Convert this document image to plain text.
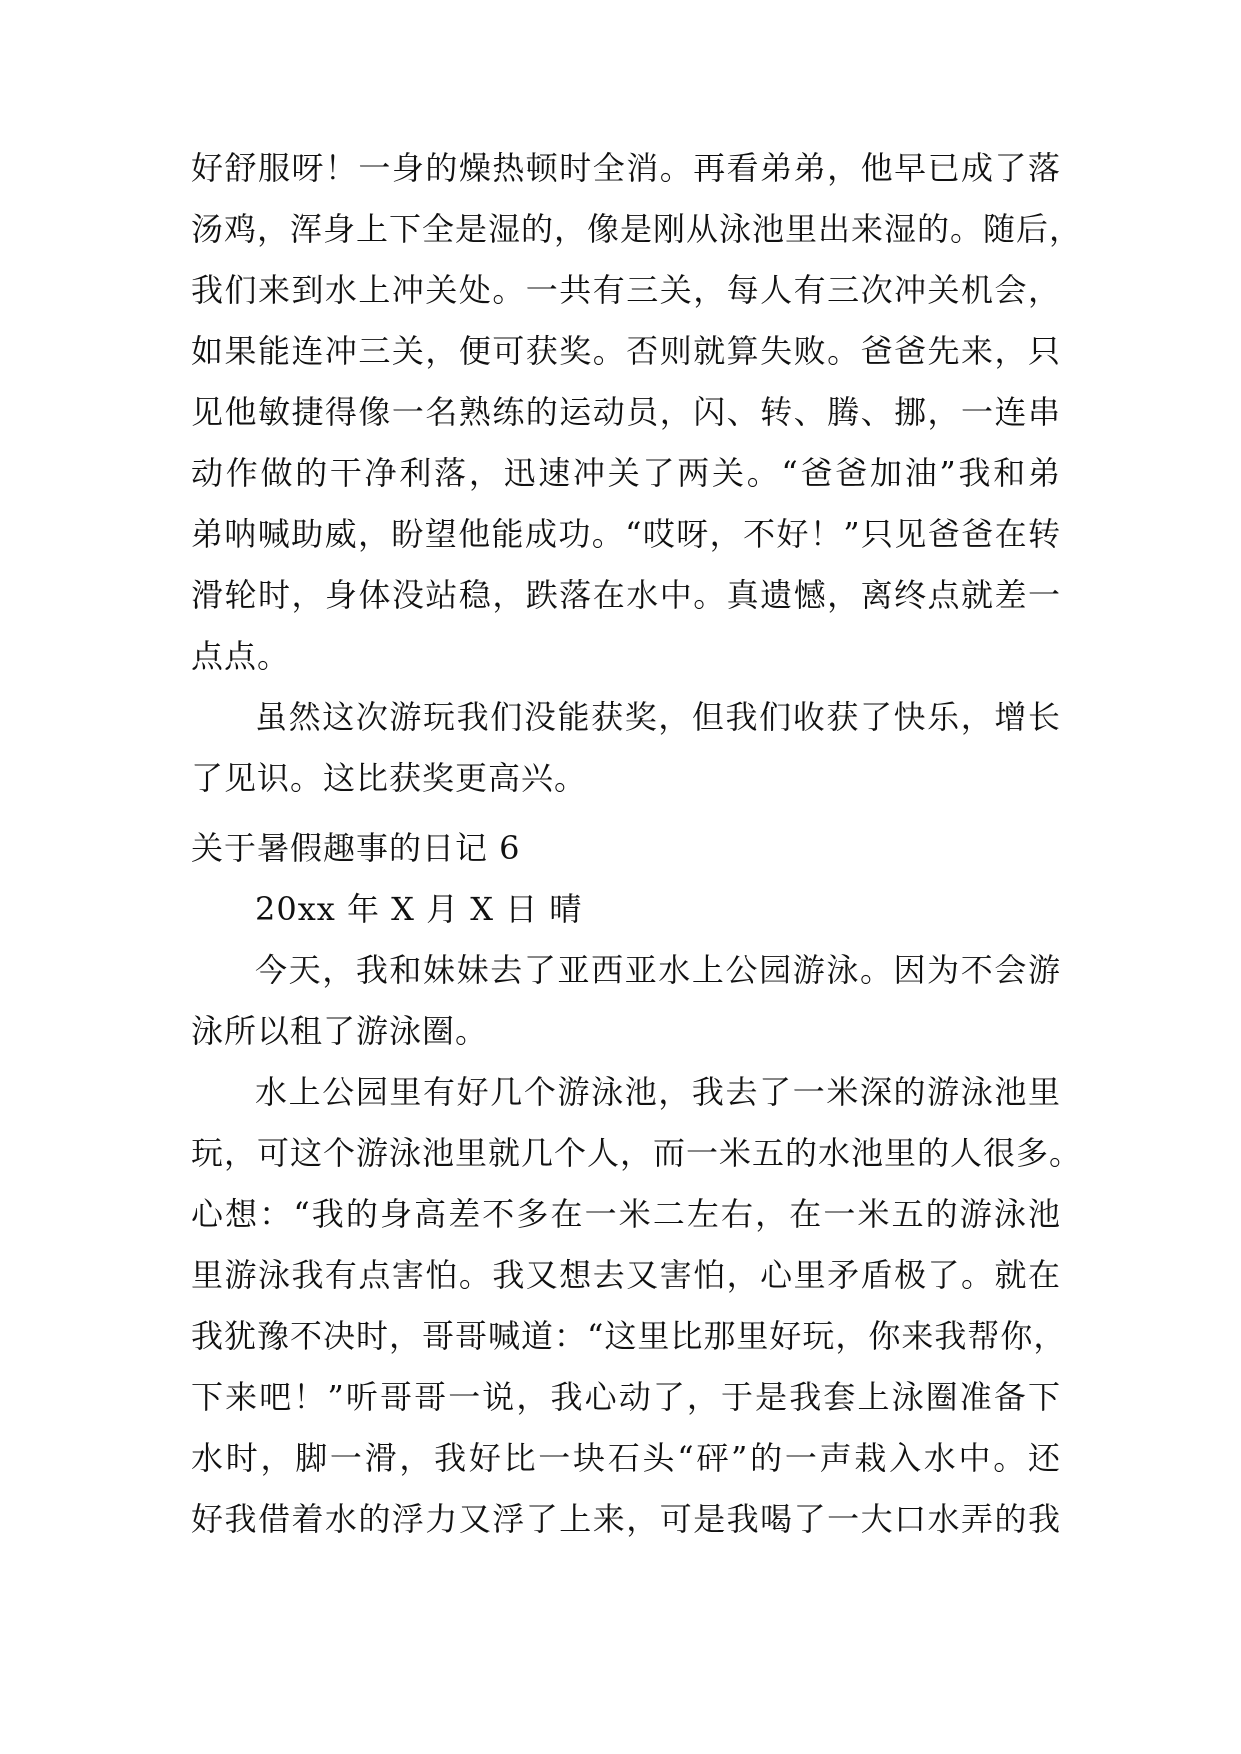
好舒服呀！一身的燥热顿时全消。再看弟弟，他早已成了落
汤鸡，浑身上下全是湿的，像是刚从泳池里出来湿的。随后，
我们来到水上冲关处。一共有三关，每人有三次冲关机会，
如果能连冲三关，便可获奖。否则就算失败。爸爸先来，只
见他敏捷得像一名熟练的运动员，闪、转、腾、挪，一连串
动作做的干净利落，迅速冲关了两关。“爸爸加油”我和弟
弟呐喊助威，盼望他能成功。“哎呀，不好！”只见爸爸在转
滑轮时，身体没站稳，跌落在水中。真遗憾，离终点就差一
点点。
虽然这次游玩我们没能获奖，但我们收获了快乐，增长
了见识。这比获奖更高兴。
关于暑假趣事的日记 6
20xx 年 X 月 X 日 晴
今天，我和妹妹去了亚西亚水上公园游泳。因为不会游
泳所以租了游泳圈。
水上公园里有好几个游泳池，我去了一米深的游泳池里
玩，可这个游泳池里就几个人，而一米五的水池里的人很多。
心想：“我的身高差不多在一米二左右，在一米五的游泳池
里游泳我有点害怕。我又想去又害怕，心里矛盾极了。就在
我犹豫不决时，哥哥喊道：“这里比那里好玩，你来我帮你，
下来吧！”听哥哥一说，我心动了，于是我套上泳圈准备下
水时，脚一滑，我好比一块石头“砰”的一声栽入水中。还
好我借着水的浮力又浮了上来，可是我喝了一大口水弄的我
